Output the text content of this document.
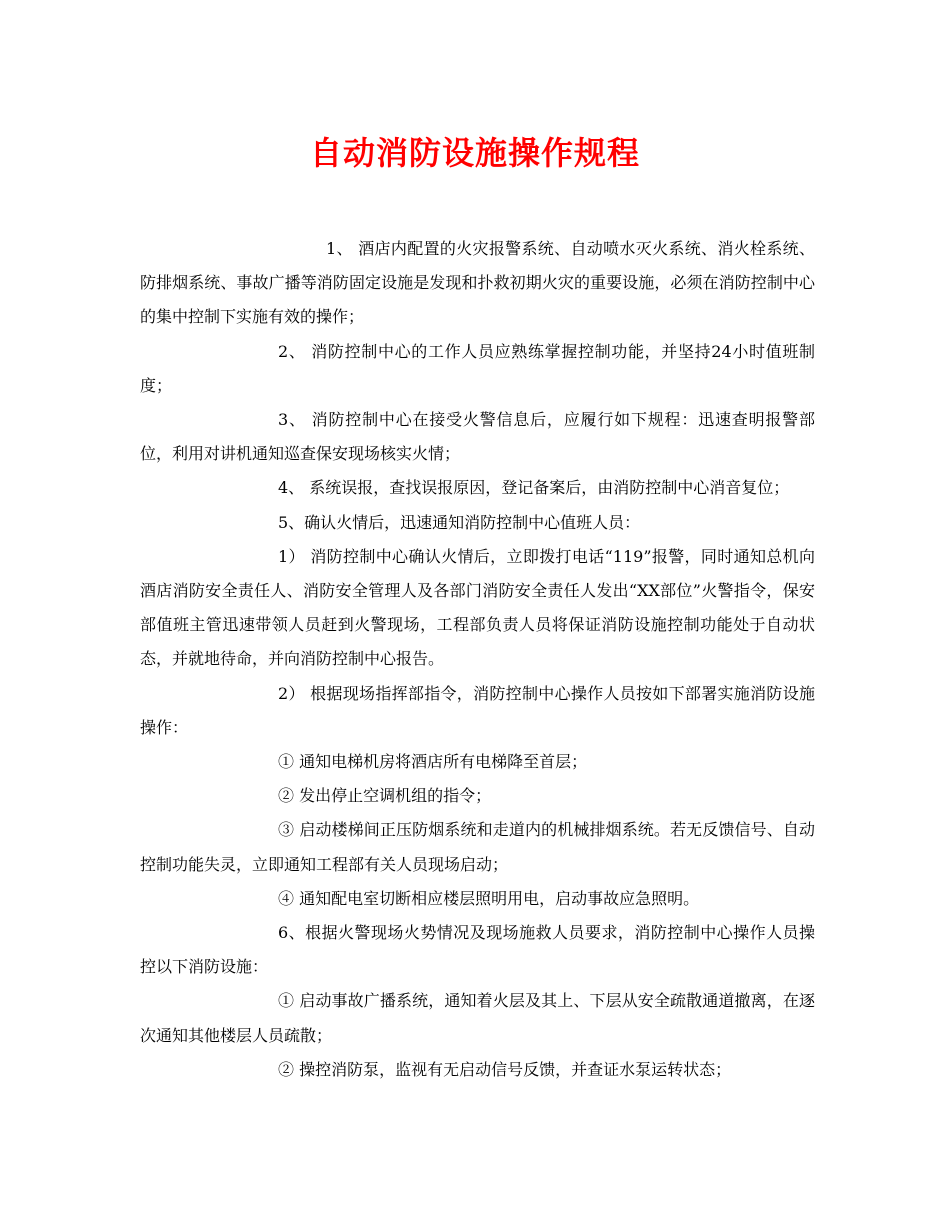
自动消防设施操作规程

1、 酒店内配置的火灾报警系统、自动喷水灭火系统、消火栓系统、防排烟系统、事故广播等消防固定设施是发现和扑救初期火灾的重要设施，必须在消防控制中心的集中控制下实施有效的操作；

2、 消防控制中心的工作人员应熟练掌握控制功能，并坚持24小时值班制度；

3、 消防控制中心在接受火警信息后，应履行如下规程：迅速查明报警部位，利用对讲机通知巡查保安现场核实火情；

4、 系统误报，查找误报原因，登记备案后，由消防控制中心消音复位；

5、确认火情后，迅速通知消防控制中心值班人员：

1） 消防控制中心确认火情后，立即拨打电话“119”报警，同时通知总机向酒店消防安全责任人、消防安全管理人及各部门消防安全责任人发出“XX部位”火警指令，保安部值班主管迅速带领人员赶到火警现场，工程部负责人员将保证消防设施控制功能处于自动状态，并就地待命，并向消防控制中心报告。

2） 根据现场指挥部指令，消防控制中心操作人员按如下部署实施消防设施操作：

① 通知电梯机房将酒店所有电梯降至首层；

② 发出停止空调机组的指令；

③ 启动楼梯间正压防烟系统和走道内的机械排烟系统。若无反馈信号、自动控制功能失灵，立即通知工程部有关人员现场启动；

④ 通知配电室切断相应楼层照明用电，启动事故应急照明。

6、根据火警现场火势情况及现场施救人员要求，消防控制中心操作人员操控以下消防设施：

① 启动事故广播系统，通知着火层及其上、下层从安全疏散通道撤离，在逐次通知其他楼层人员疏散；

② 操控消防泵，监视有无启动信号反馈，并查证水泵运转状态；
